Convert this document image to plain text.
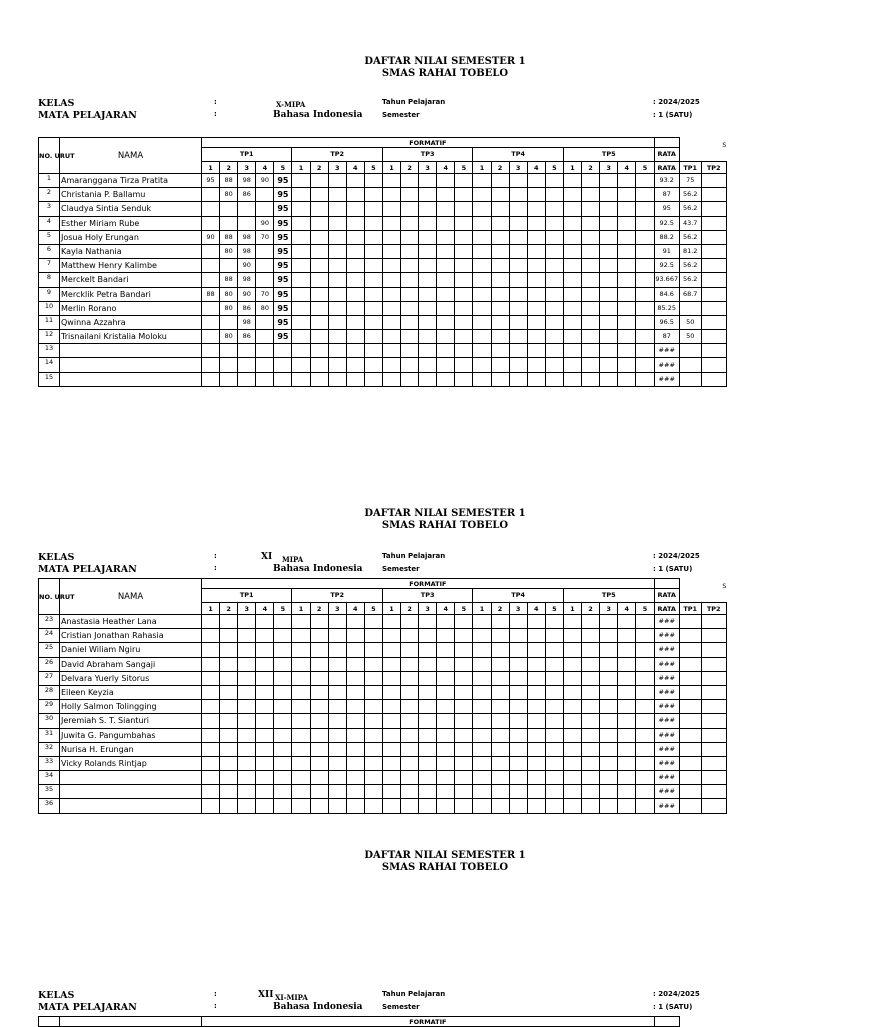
DAFTAR NILAI SEMESTER 1
SMAS RAHAI TOBELO
KELAS	:	X-MIPA	Tahun Pelajaran	: 2024/2025
MATA PELAJARAN	:	Bahasa Indonesia	Semester	: 1 (SATU)
NO. URUT	NAMA	FORMATIF																										S	

		TP1					TP2					TP3					TP4					TP5					RATA		
		1	2	3	4	5	1	2	3	4	5	1	2	3	4	5	1	2	3	4	5	1	2	3	4	5	RATA	TP1	TP2
1	Amaranggana Tirza Pratita	95	88	98	90	95																					93.2	75	
2	Christania P. Ballamu		80	86		95																					87	56.2	
3	Claudya Sintia Senduk					95																					95	56.2	
4	Esther Miriam Rube				90	95																					92.5	43.7	
5	Josua Holy Erungan	90	88	98	70	95																					88.2	56.2	
6	Kayla Nathania		80	98		95																					91	81.2	
7	Matthew Henry Kalimbe			90		95																					92.5	56.2	
8	Merckelt Bandari		88	98		95																					93.667	56.2	
9	Mercklik Petra Bandari	88	80	90	70	95																					84.6	68.7	
10	Merlin Rorano		80	86	80	95																					85.25		
11	Qwinna Azzahra			98		95																					96.5	50	
12	Trisnailani Kristalia Moloku		80	86		95																					87	50	
13																											###		
14																											###		
15																											###		
DAFTAR NILAI SEMESTER 1
SMAS RAHAI TOBELO
KELAS	:	XI MIPA	Tahun Pelajaran	: 2024/2025
MATA PELAJARAN	:	Bahasa Indonesia	Semester	: 1 (SATU)
NO. URUT	NAMA	FORMATIF																										S	

		TP1					TP2					TP3					TP4					TP5					RATA		
		1	2	3	4	5	1	2	3	4	5	1	2	3	4	5	1	2	3	4	5	1	2	3	4	5	RATA	TP1	TP2
23	Anastasia Heather Lana																										###		
24	Cristian Jonathan Rahasia																										###		
25	Daniel Wiliam Ngiru																										###		
26	David Abraham Sangaji																										###		
27	Delvara Yuerly Sitorus																										###		
28	Eileen Keyzia																										###		
29	Holly Salmon Tolingging																										###		
30	Jeremiah S. T. Sianturi																										###		
31	Juwita G. Pangumbahas																										###		
32	Nurisa H. Erungan																										###		
33	Vicky Rolands Rintjap																										###		
34																											###		
35																											###		
36																											###		
DAFTAR NILAI SEMESTER 1
SMAS RAHAI TOBELO
KELAS	:	XII XI-MIPA	Tahun Pelajaran	: 2024/2025
MATA PELAJARAN	:	Bahasa Indonesia	Semester	: 1 (SATU)
		FORMATIF		
